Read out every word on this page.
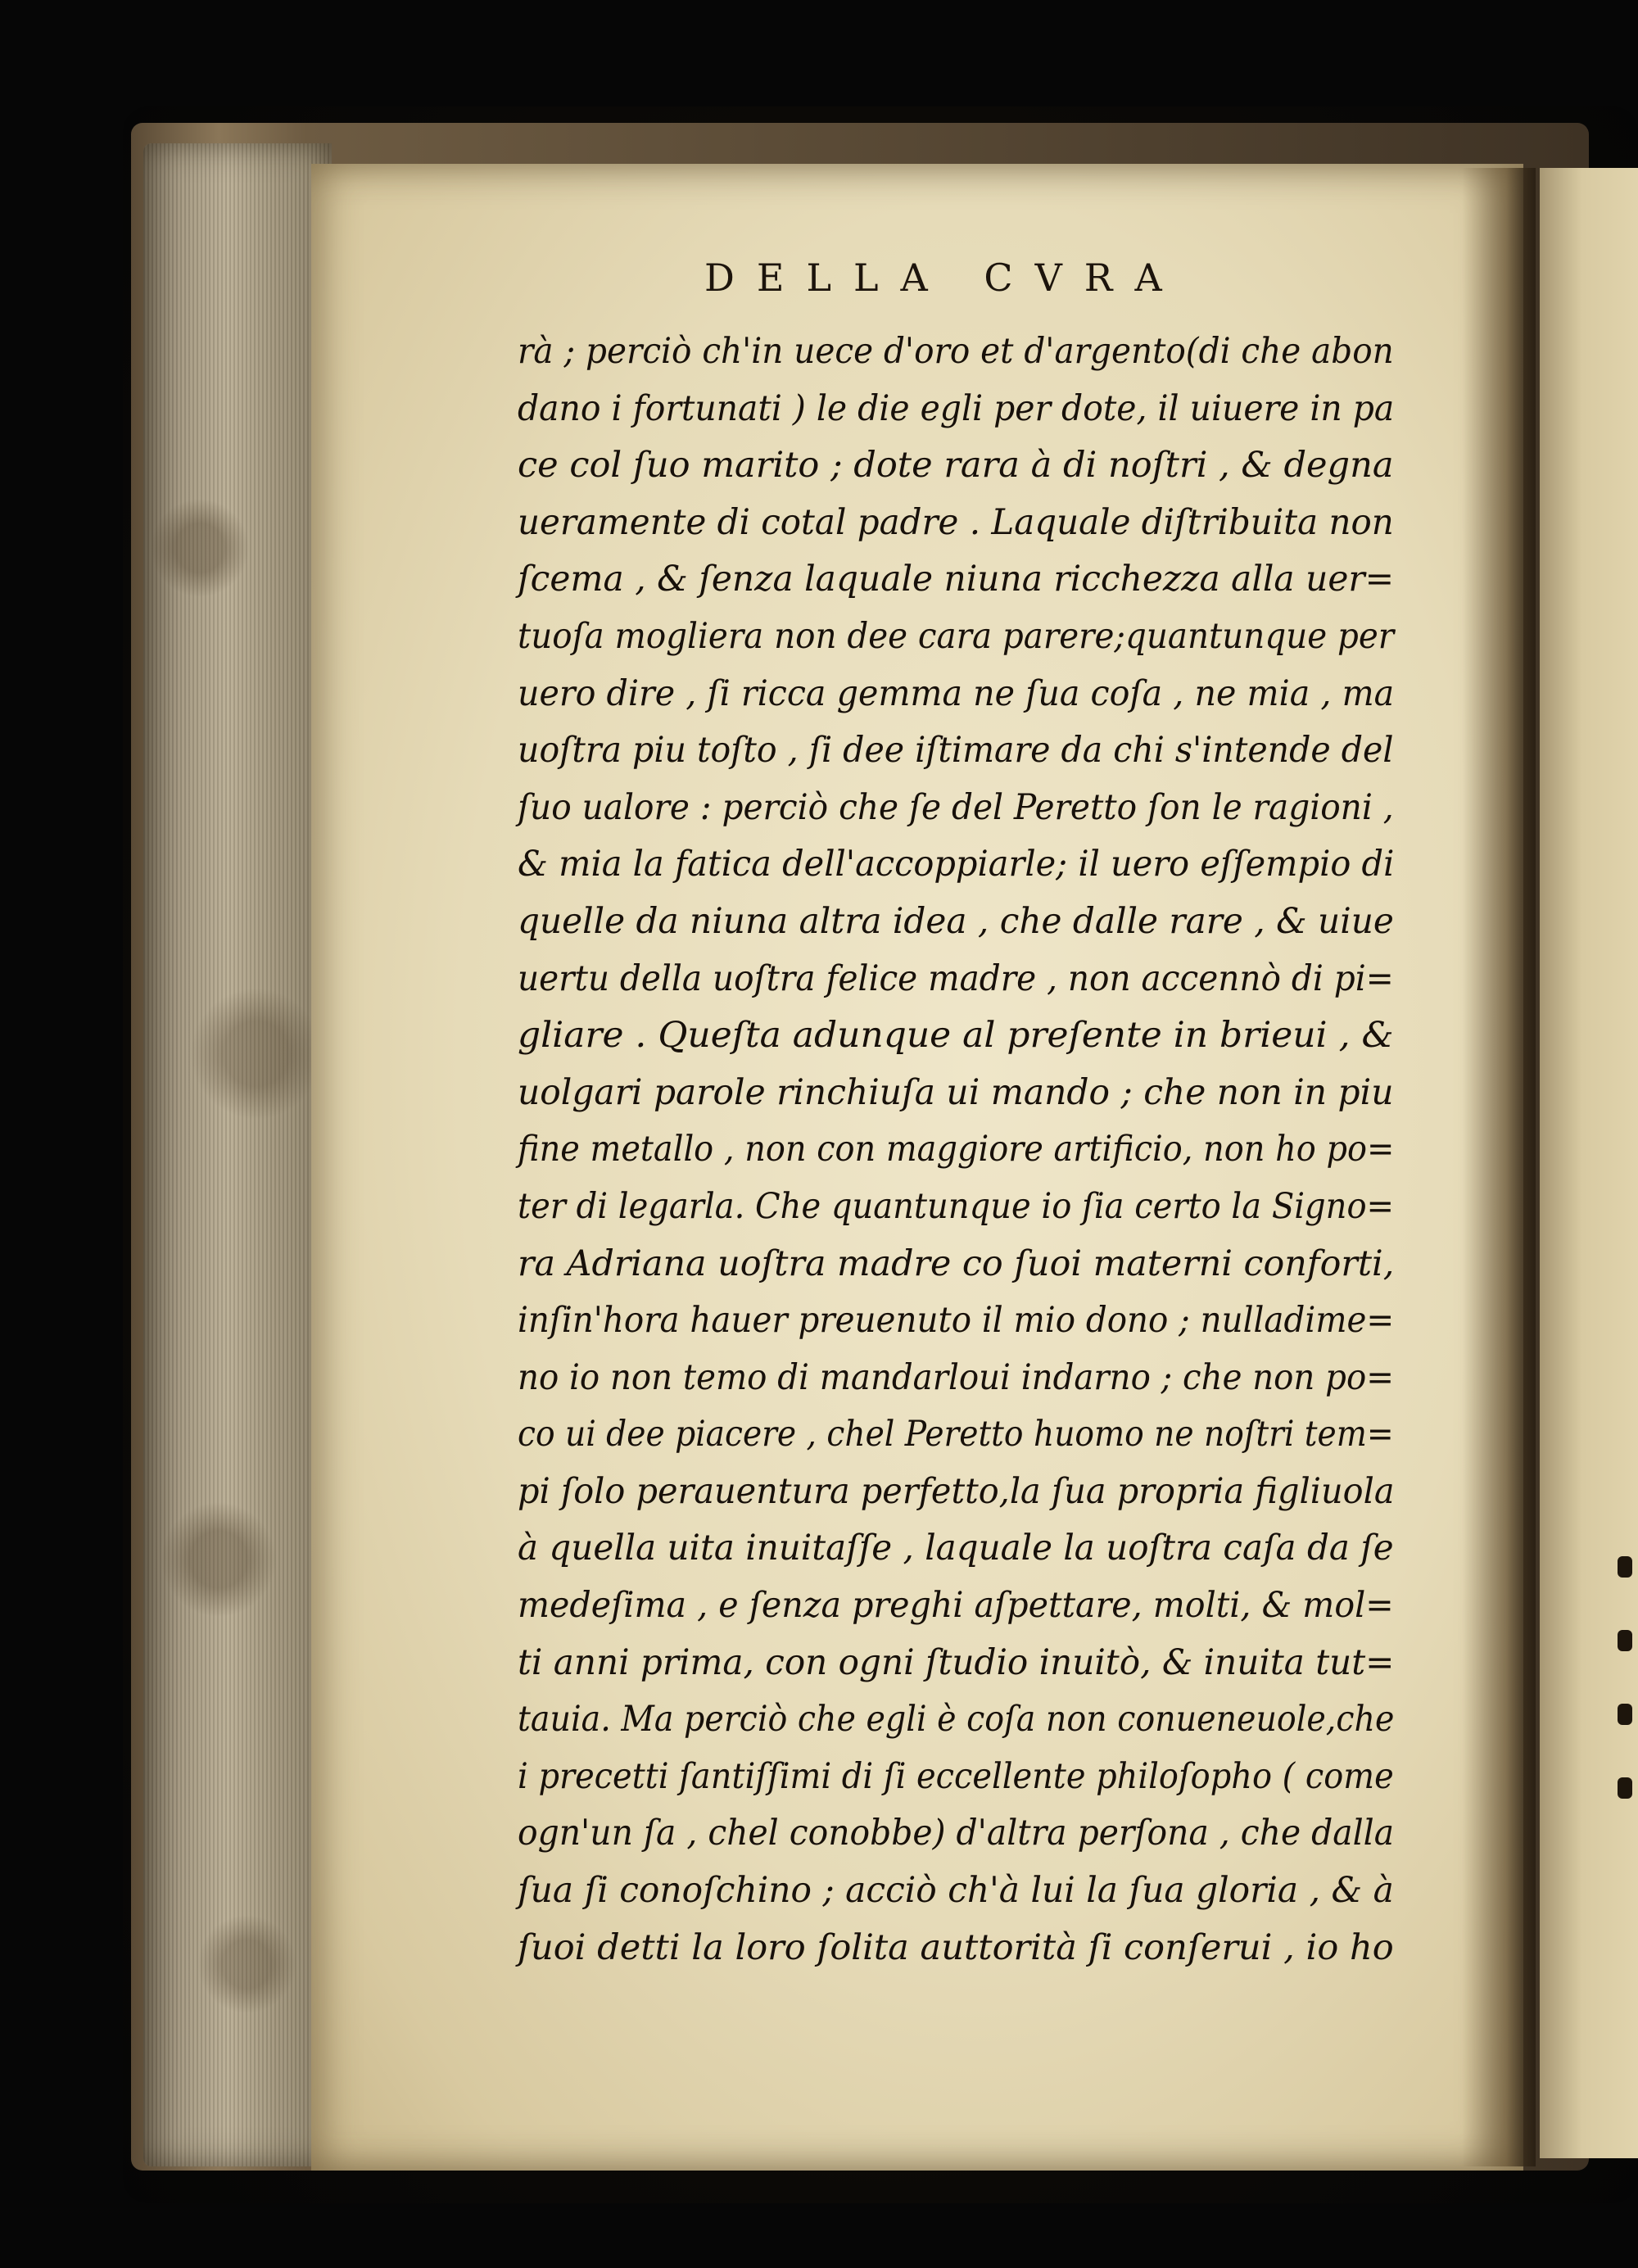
DELLA CVRA
rà ; perciò ch'in uece d'oro et d'argento(di che abon
dano i fortunati ) le die egli per dote, il uiuere in pa
ce col ſuo marito ; dote rara à di noſtri , & degna
ueramente di cotal padre . Laquale diſtribuita non
ſcema , & ſenza laquale niuna ricchezza alla uer=
tuoſa mogliera non dee cara parere;quantunque per
uero dire , ſi ricca gemma ne ſua coſa , ne mia , ma
uoſtra piu toſto , ſi dee iſtimare da chi s'intende del
ſuo ualore : perciò che ſe del Peretto ſon le ragioni ,
& mia la fatica dell'accoppiarle; il uero eſſempio di
quelle da niuna altra idea , che dalle rare , & uiue
uertu della uoſtra felice madre , non accennò di pi=
gliare . Queſta adunque al preſente in brieui , &
uolgari parole rinchiuſa ui mando ; che non in piu
fine metallo , non con maggiore artificio, non ho po=
ter di legarla. Che quantunque io ſia certo la Signo=
ra Adriana uoſtra madre co ſuoi materni conforti,
inſin'hora hauer preuenuto il mio dono ; nulladime=
no io non temo di mandarloui indarno ; che non po=
co ui dee piacere , chel Peretto huomo ne noſtri tem=
pi ſolo perauentura perfetto,la ſua propria figliuola
à quella uita inuitaſſe , laquale la uoſtra caſa da ſe
medeſima , e ſenza preghi aſpettare, molti, & mol=
ti anni prima, con ogni ſtudio inuitò, & inuita tut=
tauia. Ma perciò che egli è coſa non conueneuole,che
i precetti ſantiſſimi di ſi eccellente philoſopho ( come
ogn'un ſa , chel conobbe) d'altra perſona , che dalla
ſua ſi conoſchino ; acciò ch'à lui la ſua gloria , & à
ſuoi detti la loro ſolita auttorità ſi conſerui , io ho
